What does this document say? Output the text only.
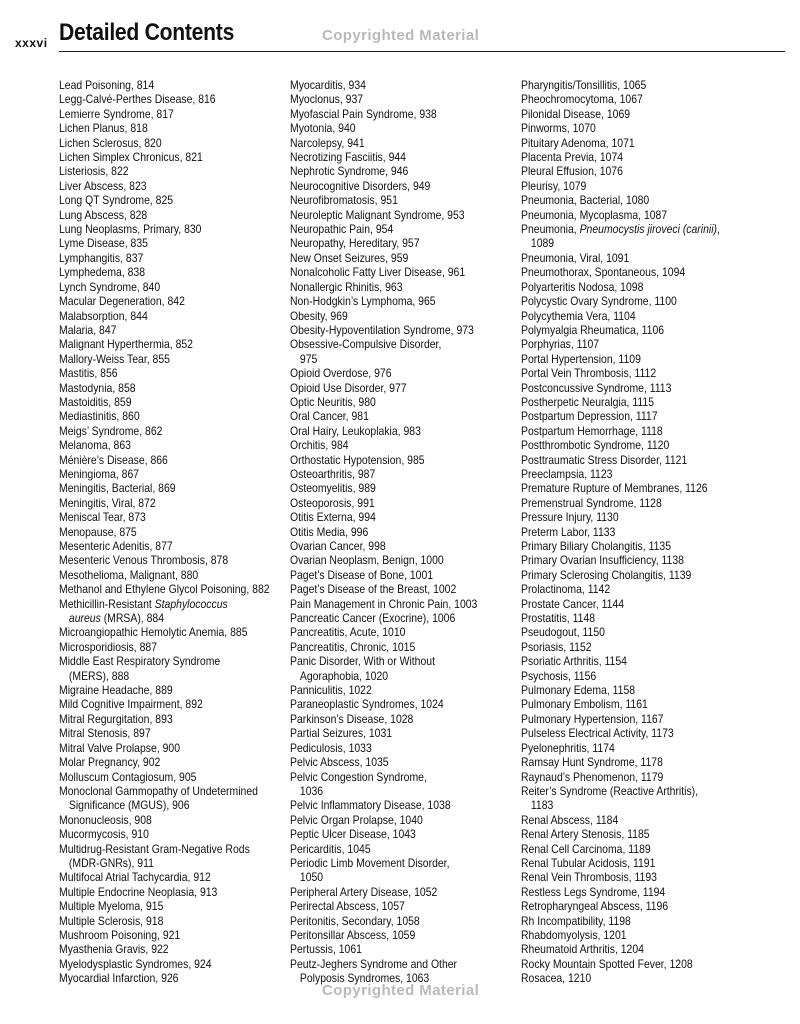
xxxvi Detailed Contents	Copyrighted Material
Lead Poisoning, 814
Legg-Calvé-Perthes Disease, 816
Lemierre Syndrome, 817
Lichen Planus, 818
Lichen Sclerosus, 820
Lichen Simplex Chronicus, 821
Listeriosis, 822
Liver Abscess, 823
Long QT Syndrome, 825
Lung Abscess, 828
Lung Neoplasms, Primary, 830
Lyme Disease, 835
Lymphangitis, 837
Lymphedema, 838
Lynch Syndrome, 840
Macular Degeneration, 842
Malabsorption, 844
Malaria, 847
Malignant Hyperthermia, 852
Mallory-Weiss Tear, 855
Mastitis, 856
Mastodynia, 858
Mastoiditis, 859
Mediastinitis, 860
Meigs’ Syndrome, 862
Melanoma, 863
Ménière’s Disease, 866
Meningioma, 867
Meningitis, Bacterial, 869
Meningitis, Viral, 872
Meniscal Tear, 873
Menopause, 875
Mesenteric Adenitis, 877
Mesenteric Venous Thrombosis, 878
Mesothelioma, Malignant, 880
Methanol and Ethylene Glycol Poisoning, 882
Methicillin-Resistant Staphylococcus
aureus (MRSA), 884
Microangiopathic Hemolytic Anemia, 885
Microsporidiosis, 887
Middle East Respiratory Syndrome
(MERS), 888
Migraine Headache, 889
Mild Cognitive Impairment, 892
Mitral Regurgitation, 893
Mitral Stenosis, 897
Mitral Valve Prolapse, 900
Molar Pregnancy, 902
Molluscum Contagiosum, 905
Monoclonal Gammopathy of Undetermined
Significance (MGUS), 906
Mononucleosis, 908
Mucormycosis, 910
Multidrug-Resistant Gram-Negative Rods
(MDR-GNRs), 911
Multifocal Atrial Tachycardia, 912
Multiple Endocrine Neoplasia, 913
Multiple Myeloma, 915
Multiple Sclerosis, 918
Mushroom Poisoning, 921
Myasthenia Gravis, 922
Myelodysplastic Syndromes, 924
Myocardial Infarction, 926
Myocarditis, 934
Myoclonus, 937
Myofascial Pain Syndrome, 938
Myotonia, 940
Narcolepsy, 941
Necrotizing Fasciitis, 944
Nephrotic Syndrome, 946
Neurocognitive Disorders, 949
Neurofibromatosis, 951
Neuroleptic Malignant Syndrome, 953
Neuropathic Pain, 954
Neuropathy, Hereditary, 957
New Onset Seizures, 959
Nonalcoholic Fatty Liver Disease, 961
Nonallergic Rhinitis, 963
Non-Hodgkin’s Lymphoma, 965
Obesity, 969
Obesity-Hypoventilation Syndrome, 973
Obsessive-Compulsive Disorder,
975
Opioid Overdose, 976
Opioid Use Disorder, 977
Optic Neuritis, 980
Oral Cancer, 981
Oral Hairy, Leukoplakia, 983
Orchitis, 984
Orthostatic Hypotension, 985
Osteoarthritis, 987
Osteomyelitis, 989
Osteoporosis, 991
Otitis Externa, 994
Otitis Media, 996
Ovarian Cancer, 998
Ovarian Neoplasm, Benign, 1000
Paget’s Disease of Bone, 1001
Paget’s Disease of the Breast, 1002
Pain Management in Chronic Pain, 1003
Pancreatic Cancer (Exocrine), 1006
Pancreatitis, Acute, 1010
Pancreatitis, Chronic, 1015
Panic Disorder, With or Without
Agoraphobia, 1020
Panniculitis, 1022
Paraneoplastic Syndromes, 1024
Parkinson’s Disease, 1028
Partial Seizures, 1031
Pediculosis, 1033
Pelvic Abscess, 1035
Pelvic Congestion Syndrome,
1036
Pelvic Inflammatory Disease, 1038
Pelvic Organ Prolapse, 1040
Peptic Ulcer Disease, 1043
Pericarditis, 1045
Periodic Limb Movement Disorder,
1050
Peripheral Artery Disease, 1052
Perirectal Abscess, 1057
Peritonitis, Secondary, 1058
Peritonsillar Abscess, 1059
Pertussis, 1061
Peutz-Jeghers Syndrome and Other
Polyposis Syndromes, 1063
Pharyngitis/Tonsillitis, 1065
Pheochromocytoma, 1067
Pilonidal Disease, 1069
Pinworms, 1070
Pituitary Adenoma, 1071
Placenta Previa, 1074
Pleural Effusion, 1076
Pleurisy, 1079
Pneumonia, Bacterial, 1080
Pneumonia, Mycoplasma, 1087
Pneumonia, Pneumocystis jiroveci (carinii),
1089
Pneumonia, Viral, 1091
Pneumothorax, Spontaneous, 1094
Polyarteritis Nodosa, 1098
Polycystic Ovary Syndrome, 1100
Polycythemia Vera, 1104
Polymyalgia Rheumatica, 1106
Porphyrias, 1107
Portal Hypertension, 1109
Portal Vein Thrombosis, 1112
Postconcussive Syndrome, 1113
Postherpetic Neuralgia, 1115
Postpartum Depression, 1117
Postpartum Hemorrhage, 1118
Postthrombotic Syndrome, 1120
Posttraumatic Stress Disorder, 1121
Preeclampsia, 1123
Premature Rupture of Membranes, 1126
Premenstrual Syndrome, 1128
Pressure Injury, 1130
Preterm Labor, 1133
Primary Biliary Cholangitis, 1135
Primary Ovarian Insufficiency, 1138
Primary Sclerosing Cholangitis, 1139
Prolactinoma, 1142
Prostate Cancer, 1144
Prostatitis, 1148
Pseudogout, 1150
Psoriasis, 1152
Psoriatic Arthritis, 1154
Psychosis, 1156
Pulmonary Edema, 1158
Pulmonary Embolism, 1161
Pulmonary Hypertension, 1167
Pulseless Electrical Activity, 1173
Pyelonephritis, 1174
Ramsay Hunt Syndrome, 1178
Raynaud’s Phenomenon, 1179
Reiter’s Syndrome (Reactive Arthritis),
1183
Renal Abscess, 1184
Renal Artery Stenosis, 1185
Renal Cell Carcinoma, 1189
Renal Tubular Acidosis, 1191
Renal Vein Thrombosis, 1193
Restless Legs Syndrome, 1194
Retropharyngeal Abscess, 1196
Rh Incompatibility, 1198
Rhabdomyolysis, 1201
Rheumatoid Arthritis, 1204
Rocky Mountain Spotted Fever, 1208
Rosacea, 1210
Copyrighted Material
